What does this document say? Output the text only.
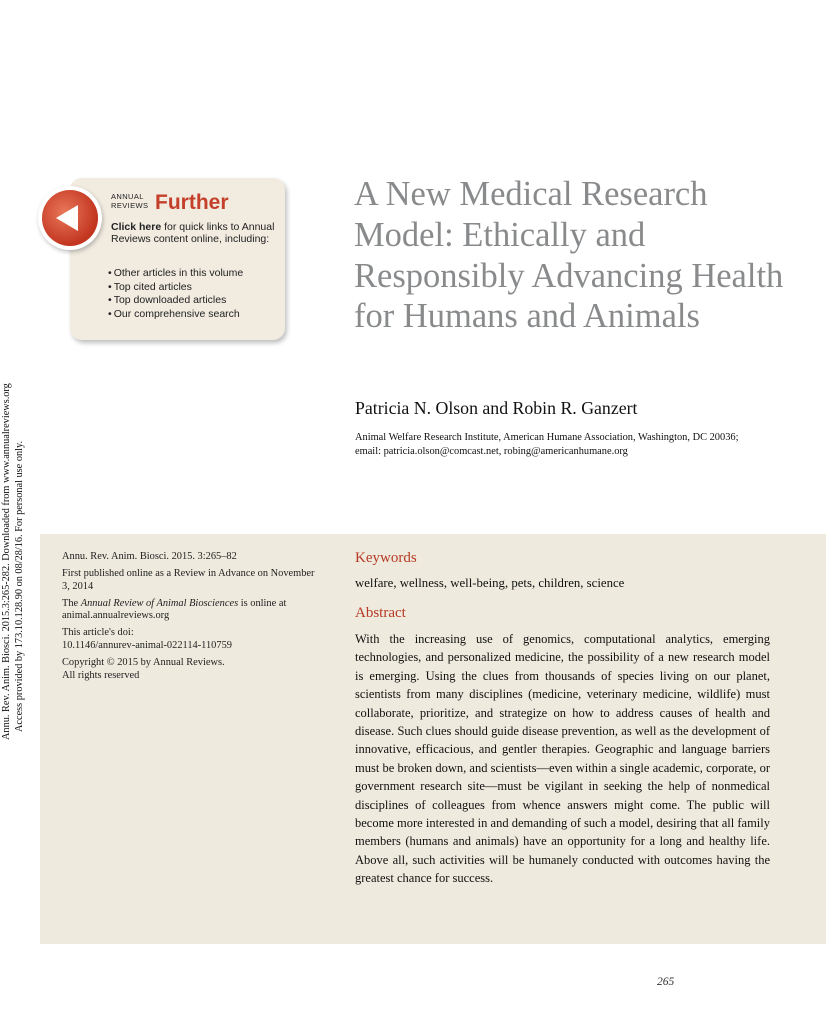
Annu. Rev. Anim. Biosci. 2015.3:265-282. Downloaded from www.annualreviews.org Access provided by 173.10.128.90 on 08/28/16. For personal use only.
ANNUAL
REVIEWS Further
Click here for quick links to Annual Reviews content online, including:
• Other articles in this volume
• Top cited articles
• Top downloaded articles
• Our comprehensive search
A New Medical Research Model: Ethically and Responsibly Advancing Health for Humans and Animals
Patricia N. Olson and Robin R. Ganzert
Animal Welfare Research Institute, American Humane Association, Washington, DC 20036; email: patricia.olson@comcast.net, robing@americanhumane.org

Annu. Rev. Anim. Biosci. 2015. 3:265–82

First published online as a Review in Advance on November 3, 2014

The Annual Review of Animal Biosciences is online at animal.annualreviews.org

This article's doi:
10.1146/annurev-animal-022114-110759

Copyright © 2015 by Annual Reviews.
All rights reserved

Keywords
welfare, wellness, well-being, pets, children, science
Abstract

With the increasing use of genomics, computational analytics, emerging technologies, and personalized medicine, the possibility of a new research model is emerging. Using the clues from thousands of species living on our planet, scientists from many disciplines (medicine, veterinary medicine, wildlife) must collaborate, prioritize, and strategize on how to address causes of health and disease. Such clues should guide disease prevention, as well as the development of innovative, efficacious, and gentler therapies. Geographic and language barriers must be broken down, and scientists—even within a single academic, corporate, or government research site—must be vigilant in seeking the help of nonmedical disciplines of colleagues from whence answers might come. The public will become more interested in and demanding of such a model, desiring that all family members (humans and animals) have an opportunity for a long and healthy life. Above all, such activities will be humanely conducted with outcomes having the greatest chance for success.

265
